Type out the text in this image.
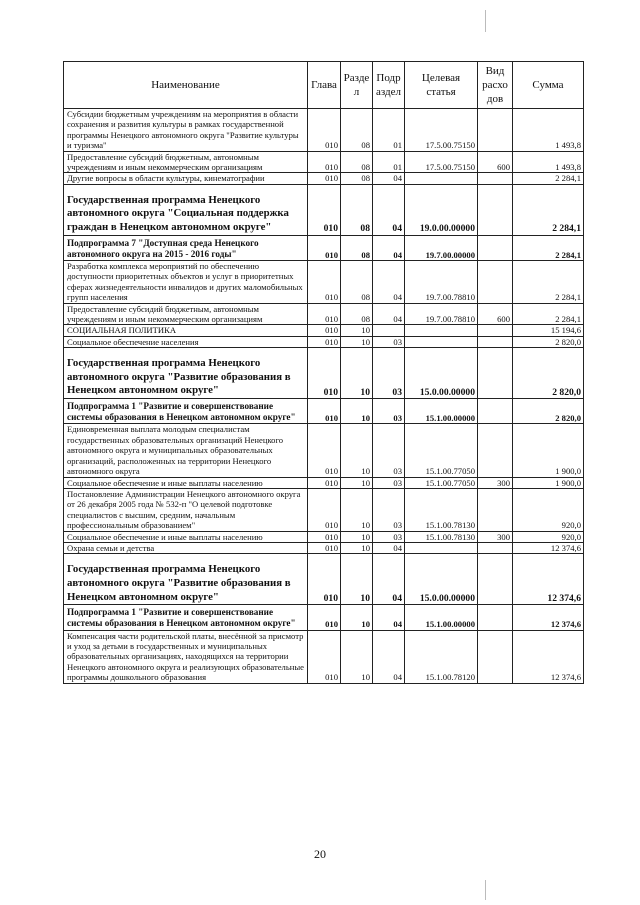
Наименование	Глава	Разде л	Подр аздел	Целевая статья	Вид расхо дов	Сумма
Субсидии бюджетным учреждениям на мероприятия в области сохранения и развития культуры в рамках государственной программы Ненецкого автономного округа "Развитие культуры и туризма"	010	08	01	17.5.00.75150		1 493,8
Предоставление субсидий бюджетным, автономным учреждениям и иным некоммерческим организациям	010	08	01	17.5.00.75150	600	1 493,8
Другие вопросы в области культуры, кинематографии	010	08	04			2 284,1
Государственная программа Ненецкого автономного округа "Социальная поддержка граждан в Ненецком автономном округе"	010	08	04	19.0.00.00000		2 284,1
Подпрограмма 7 "Доступная среда Ненецкого автономного округа на 2015 - 2016 годы"	010	08	04	19.7.00.00000		2 284,1
Разработка комплекса мероприятий по обеспечению доступности приоритетных объектов и услуг в приоритетных сферах жизнедеятельности инвалидов и других маломобильных групп населения	010	08	04	19.7.00.78810		2 284,1
Предоставление субсидий бюджетным, автономным учреждениям и иным некоммерческим организациям	010	08	04	19.7.00.78810	600	2 284,1
СОЦИАЛЬНАЯ ПОЛИТИКА	010	10				15 194,6
Социальное обеспечение населения	010	10	03			2 820,0
Государственная программа Ненецкого автономного округа "Развитие образования в Ненецком автономном округе"	010	10	03	15.0.00.00000		2 820,0
Подпрограмма 1 "Развитие и совершенствование системы образования в Ненецком автономном округе"	010	10	03	15.1.00.00000		2 820,0
Единовременная выплата молодым специалистам государственных образовательных организаций Ненецкого автономного округа и муниципальных образовательных организаций, расположенных на территории Ненецкого автономного округа	010	10	03	15.1.00.77050		1 900,0
Социальное обеспечение и иные выплаты населению	010	10	03	15.1.00.77050	300	1 900,0
Постановление Администрации Ненецкого автономного округа от 26 декабря 2005 года № 532-п "О целевой подготовке специалистов с высшим, средним, начальным профессиональным образованием"	010	10	03	15.1.00.78130		920,0
Социальное обеспечение и иные выплаты населению	010	10	03	15.1.00.78130	300	920,0
Охрана семьи и детства	010	10	04			12 374,6
Государственная программа Ненецкого автономного округа "Развитие образования в Ненецком автономном округе"	010	10	04	15.0.00.00000		12 374,6
Подпрограмма 1 "Развитие и совершенствование системы образования в Ненецком автономном округе"	010	10	04	15.1.00.00000		12 374,6
Компенсация части родительской платы, внесённой за присмотр и уход за детьми в государственных и муниципальных образовательных организациях, находящихся на территории Ненецкого автономного округа и реализующих образовательные программы дошкольного образования	010	10	04	15.1.00.78120		12 374,6
20
